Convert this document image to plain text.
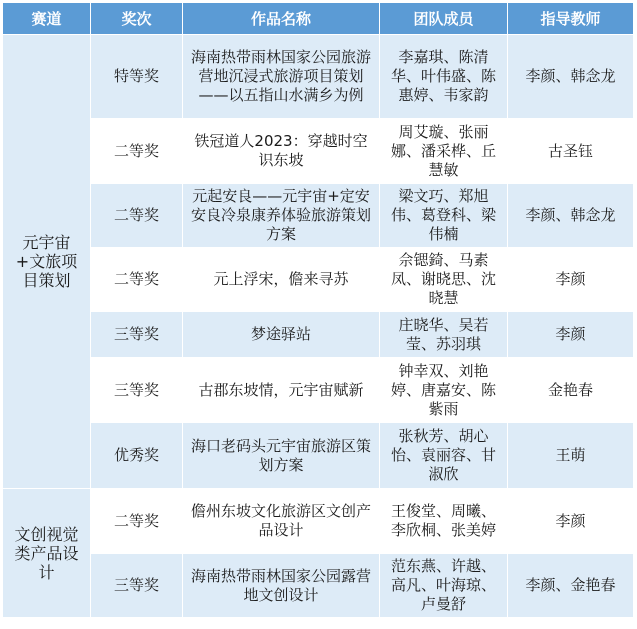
赛道	奖次	作品名称	团队成员	指导教师
元宇宙+文旅项目策划	特等奖	海南热带雨林国家公园旅游营地沉浸式旅游项目策划——以五指山水满乡为例	李嘉琪、陈清华、叶伟盛、陈惠婷、韦家韵	李颜、韩念龙
	二等奖	铁冠道人2023：穿越时空识东坡	周艾璇、张丽娜、潘采桦、丘慧敏	古圣钰
	二等奖	元起安良——元宇宙+定安安良冷泉康养体验旅游策划方案	梁文巧、郑旭伟、葛登科、梁伟楠	李颜、韩念龙
	二等奖	元上浮宋，儋来寻苏	佘锶錡、马素凤、谢晓思、沈晓慧	李颜
	三等奖	梦途驿站	庄晓华、吴若莹、苏羽琪	李颜
	三等奖	古郡东坡情，元宇宙赋新	钟幸双、刘艳婷、唐嘉安、陈紫雨	金艳春
	优秀奖	海口老码头元宇宙旅游区策划方案	张秋芳、胡心怡、袁丽容、甘淑欣	王萌
文创视觉类产品设计	二等奖	儋州东坡文化旅游区文创产品设计	王俊堂、周曦、李欣桐、张美婷	李颜
	三等奖	海南热带雨林国家公园露营地文创设计	范东燕、许越、高凡、叶海琼、卢曼舒	李颜、金艳春
